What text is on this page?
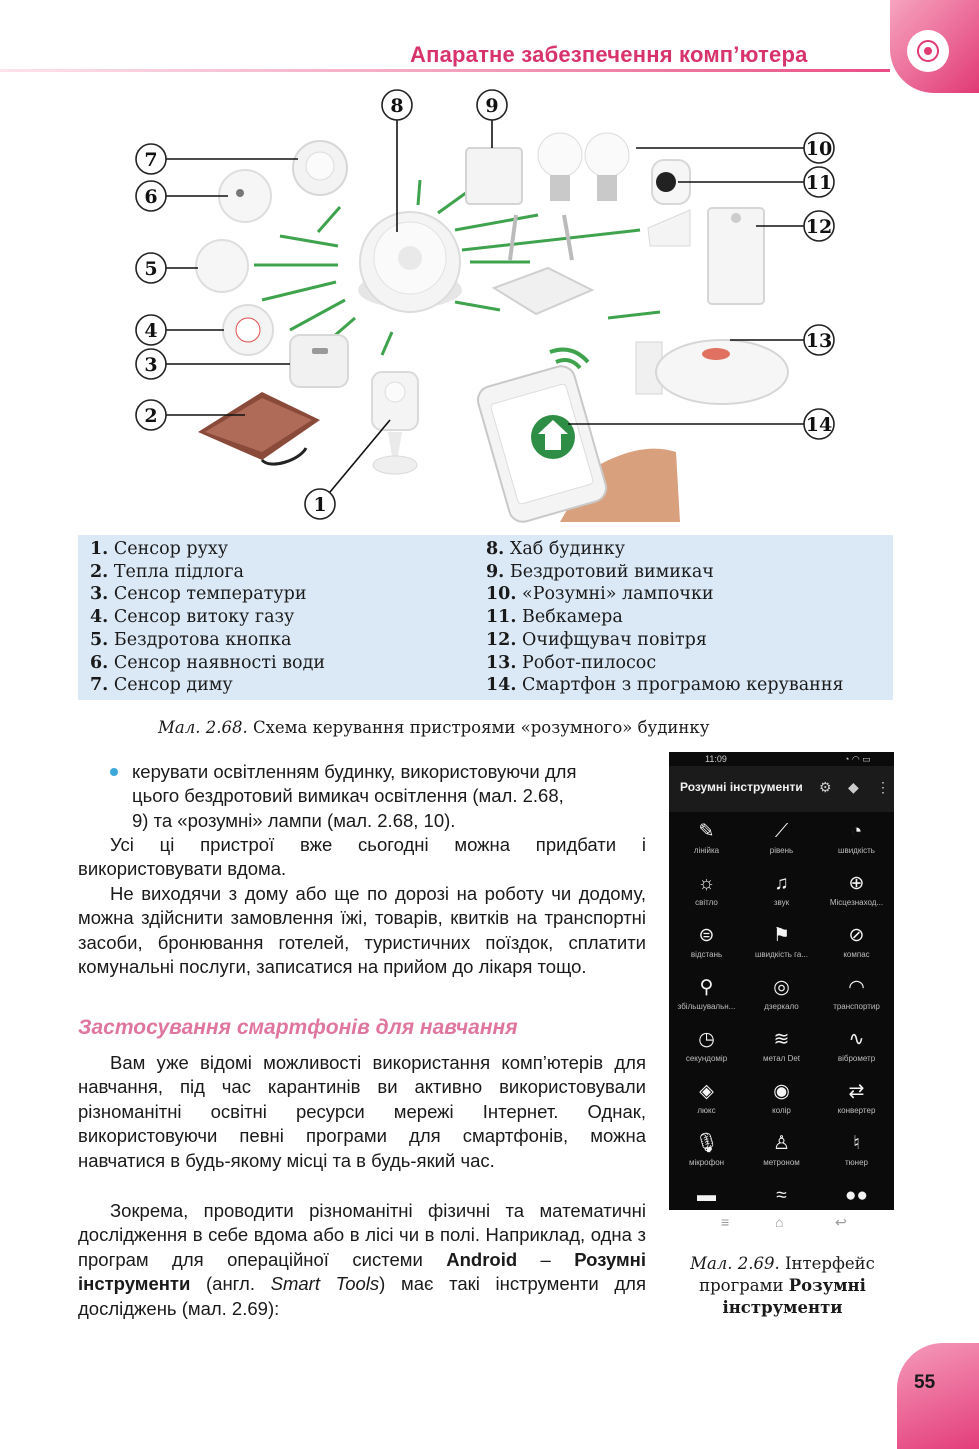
Апаратне забезпечення комп’ютера
1
2
3
4
5
6
7
8	9
10
11
12
13
14
1. Сенсор руху
2. Тепла підлога
3. Сенсор температури
4. Сенсор витоку газу
5. Бездротова кнопка
6. Сенсор наявності води
7. Сенсор диму
8. Хаб будинку
9. Бездротовий вимикач
10. «Розумні» лампочки
11. Вебкамера
12. Очифщувач повітря
13. Робот-пилосос
14. Смартфон з програмою керування
Мал. 2.68. Схема керування пристроями «розумного» будинку
керувати освітленням будинку, використовуючи для
цього бездротовий вимикач освітлення (мал. 2.68,
9) та «розумні» лампи (мал. 2.68, 10).
Усі ці пристрої вже сьогодні можна придбати і використовувати вдома.
Не виходячи з дому або ще по дорозі на роботу чи додому, можна здійснити замовлення їжі, товарів, квитків на транспортні засоби, бронювання готелей, туристичних поїздок, сплатити комунальні послуги, записатися на прийом до лікаря тощо.
Застосування смартфонів для навчання
Вам уже відомі можливості використання комп’ютерів для навчання, під час карантинів ви активно використовували різноманітні освітні ресурси мережі Інтернет. Однак, використовуючи певні програми для смартфонів, можна навчатися в будь-якому місці та в будь-який час.
Зокрема, проводити різноманітні фізичні та математичні дослідження в себе вдома або в лісі чи в полі. Наприклад, одна з програм для операційної системи Android – Розумні інструменти (англ. Smart Tools) має такі інструменти для досліджень (мал. 2.69):
11:09	◔ ◠ ▭
Розумні інструменти ⚙ ◆ ⋮
✎
лінійка
⟋
рівень
◔
швидкість
☼
світло
♫
звук
⊕
Місцезнаход...
⊜
відстань
⚑
швидкість га...
⊘
компас
⚲
збільшувальн...
◎
дзеркало
◠
транспортир
◷
секундомір
≋
метал Det
∿
віброметр
◈
люкс
◉
колір
⇄
конвертер
🎙
мікрофон
♙
метроном
♮
тюнер
▬	≈	●●
≡	⌂	↩
Мал. 2.69. Інтерфейс
програми Розумні інструменти
55
